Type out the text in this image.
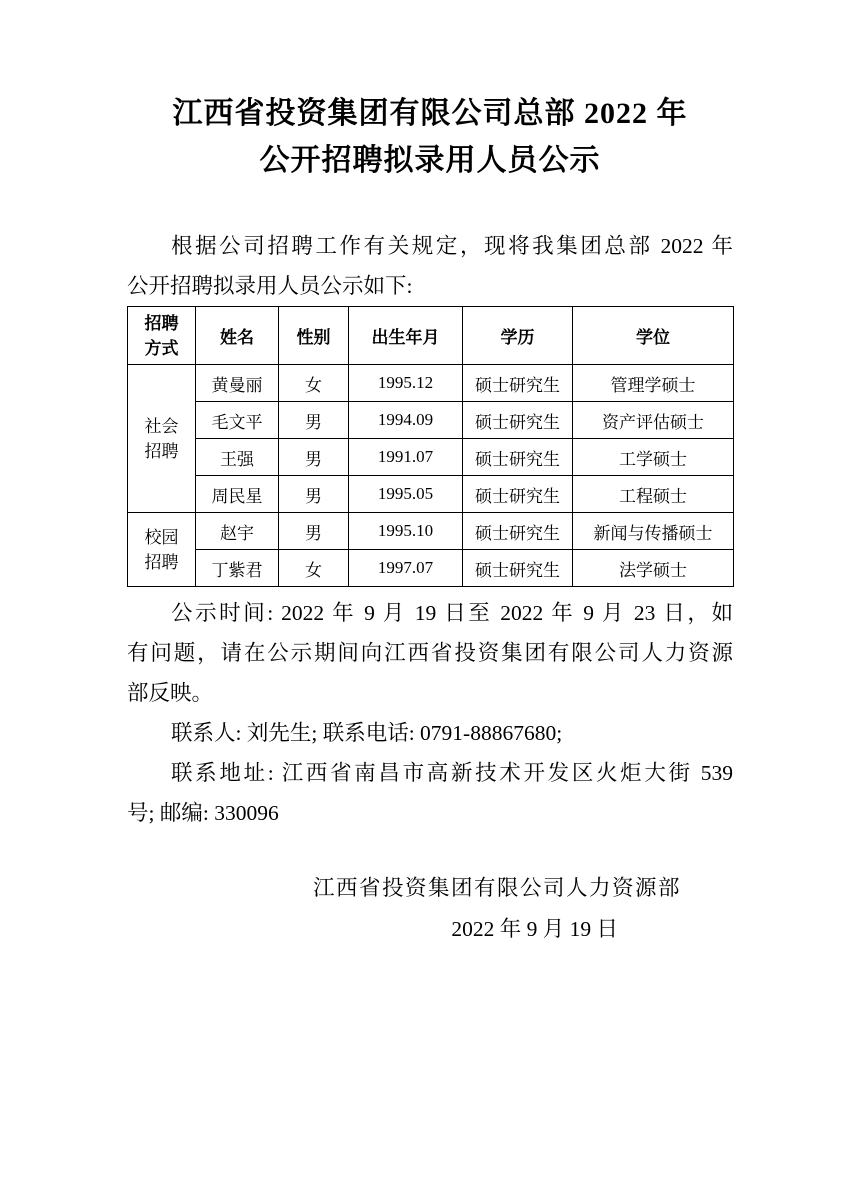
江西省投资集团有限公司总部 2022 年
公开招聘拟录用人员公示
根据公司招聘工作有关规定，现将我集团总部 2022 年
公开招聘拟录用人员公示如下:
招聘方式	姓名	性别	出生年月	学历	学位
社会招聘	黄曼丽	女	1995.12	硕士研究生	管理学硕士
	毛文平	男	1994.09	硕士研究生	资产评估硕士
	王强	男	1991.07	硕士研究生	工学硕士
	周民星	男	1995.05	硕士研究生	工程硕士
校园招聘	赵宇	男	1995.10	硕士研究生	新闻与传播硕士
	丁紫君	女	1997.07	硕士研究生	法学硕士
公示时间: 2022 年 9 月 19 日至 2022 年 9 月 23 日，如
有问题，请在公示期间向江西省投资集团有限公司人力资源
部反映。
联系人: 刘先生; 联系电话: 0791-88867680;
联系地址: 江西省南昌市高新技术开发区火炬大街 539
号; 邮编: 330096
江西省投资集团有限公司人力资源部
2022 年 9 月 19 日
